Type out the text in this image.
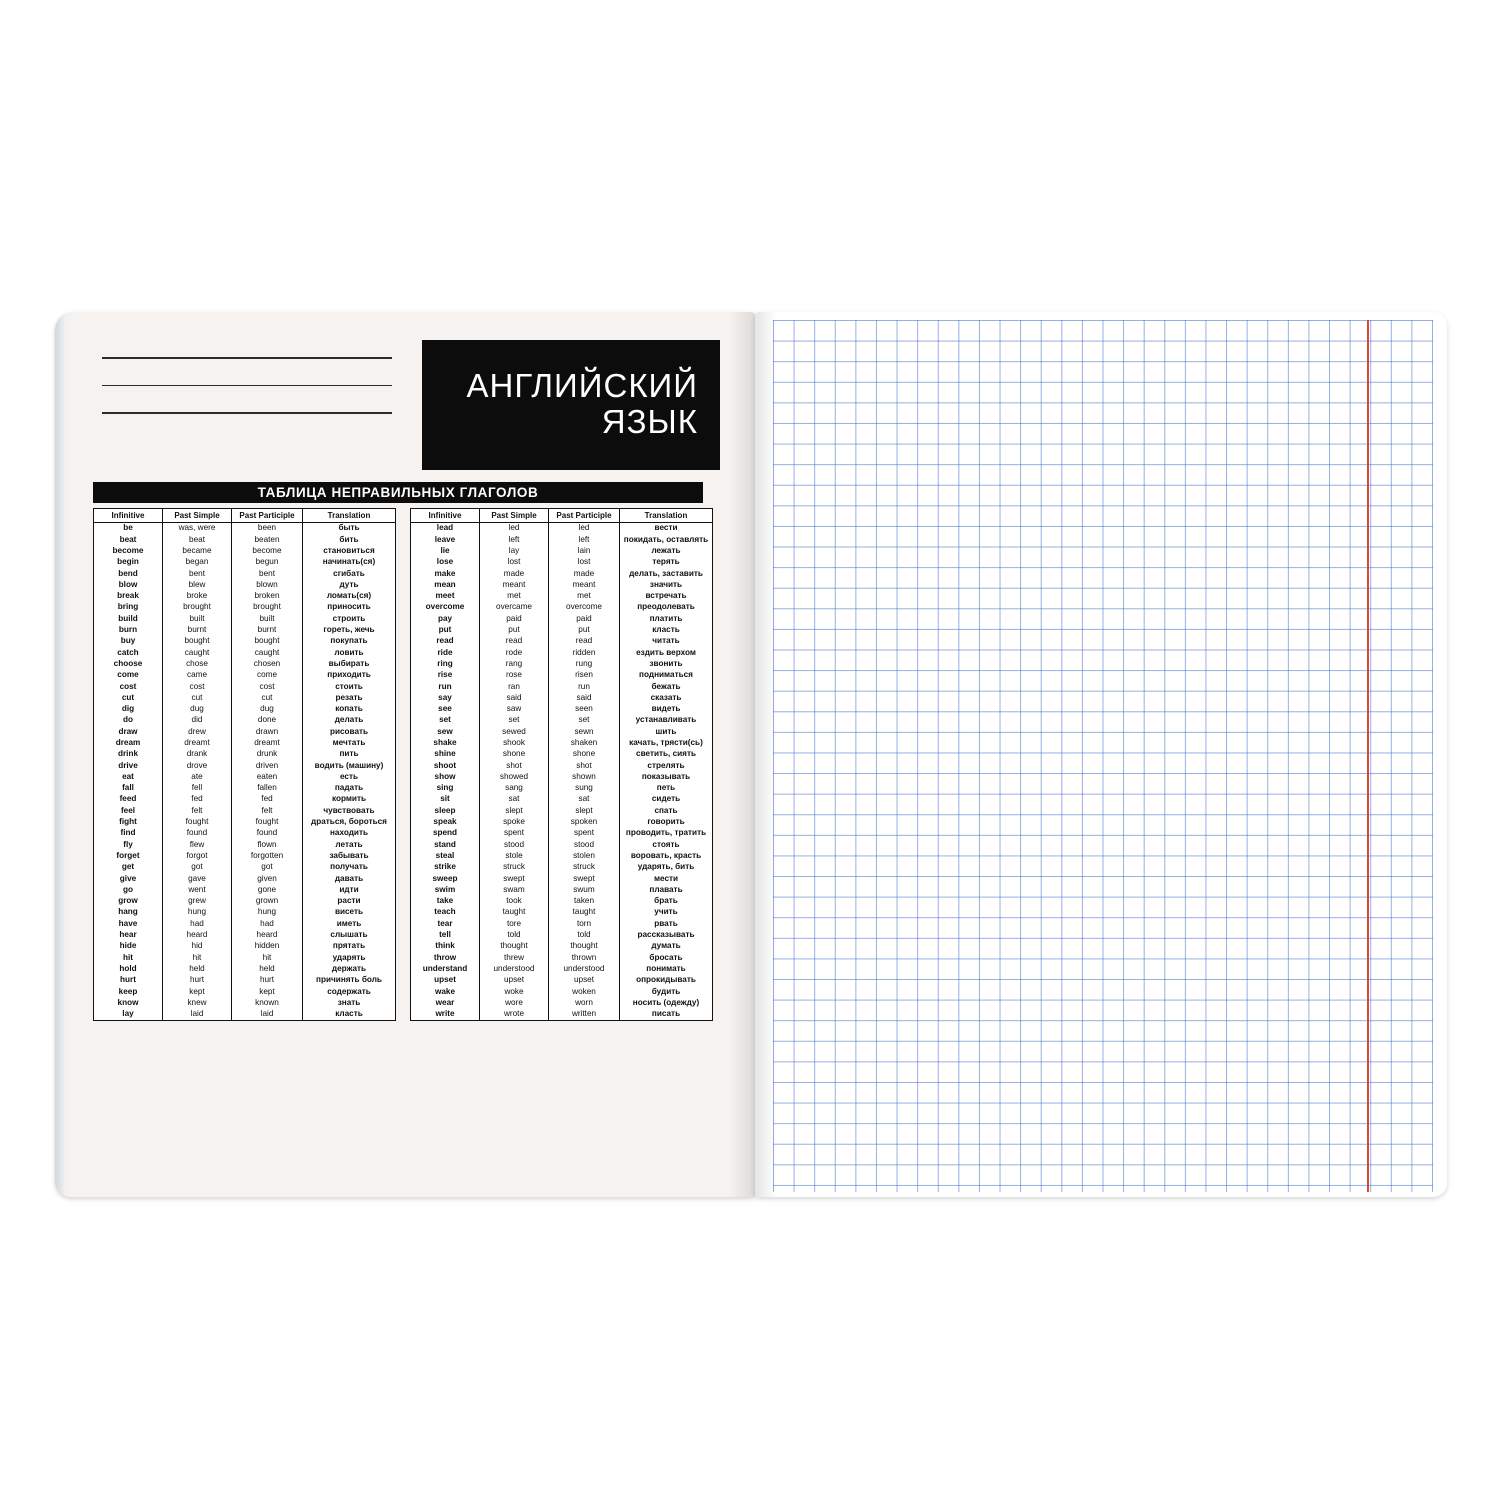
АНГЛИЙСКИЙ
ЯЗЫК
ТАБЛИЦА НЕПРАВИЛЬНЫХ ГЛАГОЛОВ
Infinitive	Past Simple	Past Participle	Translation
be	was, were	been	быть
beat	beat	beaten	бить
become	became	become	становиться
begin	began	begun	начинать(ся)
bend	bent	bent	сгибать
blow	blew	blown	дуть
break	broke	broken	ломать(ся)
bring	brought	brought	приносить
build	built	built	строить
burn	burnt	burnt	гореть, жечь
buy	bought	bought	покупать
catch	caught	caught	ловить
choose	chose	chosen	выбирать
come	came	come	приходить
cost	cost	cost	стоить
cut	cut	cut	резать
dig	dug	dug	копать
do	did	done	делать
draw	drew	drawn	рисовать
dream	dreamt	dreamt	мечтать
drink	drank	drunk	пить
drive	drove	driven	водить (машину)
eat	ate	eaten	есть
fall	fell	fallen	падать
feed	fed	fed	кормить
feel	felt	felt	чувствовать
fight	fought	fought	драться, бороться
find	found	found	находить
fly	flew	flown	летать
forget	forgot	forgotten	забывать
get	got	got	получать
give	gave	given	давать
go	went	gone	идти
grow	grew	grown	расти
hang	hung	hung	висеть
have	had	had	иметь
hear	heard	heard	слышать
hide	hid	hidden	прятать
hit	hit	hit	ударять
hold	held	held	держать
hurt	hurt	hurt	причинять боль
keep	kept	kept	содержать
know	knew	known	знать
lay	laid	laid	класть
Infinitive	Past Simple	Past Participle	Translation
lead	led	led	вести
leave	left	left	покидать, оставлять
lie	lay	lain	лежать
lose	lost	lost	терять
make	made	made	делать, заставить
mean	meant	meant	значить
meet	met	met	встречать
overcome	overcame	overcome	преодолевать
pay	paid	paid	платить
put	put	put	класть
read	read	read	читать
ride	rode	ridden	ездить верхом
ring	rang	rung	звонить
rise	rose	risen	подниматься
run	ran	run	бежать
say	said	said	сказать
see	saw	seen	видеть
set	set	set	устанавливать
sew	sewed	sewn	шить
shake	shook	shaken	качать, трясти(сь)
shine	shone	shone	светить, сиять
shoot	shot	shot	стрелять
show	showed	shown	показывать
sing	sang	sung	петь
sit	sat	sat	сидеть
sleep	slept	slept	спать
speak	spoke	spoken	говорить
spend	spent	spent	проводить, тратить
stand	stood	stood	стоять
steal	stole	stolen	воровать, красть
strike	struck	struck	ударять, бить
sweep	swept	swept	мести
swim	swam	swum	плавать
take	took	taken	брать
teach	taught	taught	учить
tear	tore	torn	рвать
tell	told	told	рассказывать
think	thought	thought	думать
throw	threw	thrown	бросать
understand	understood	understood	понимать
upset	upset	upset	опрокидывать
wake	woke	woken	будить
wear	wore	worn	носить (одежду)
write	wrote	written	писать
